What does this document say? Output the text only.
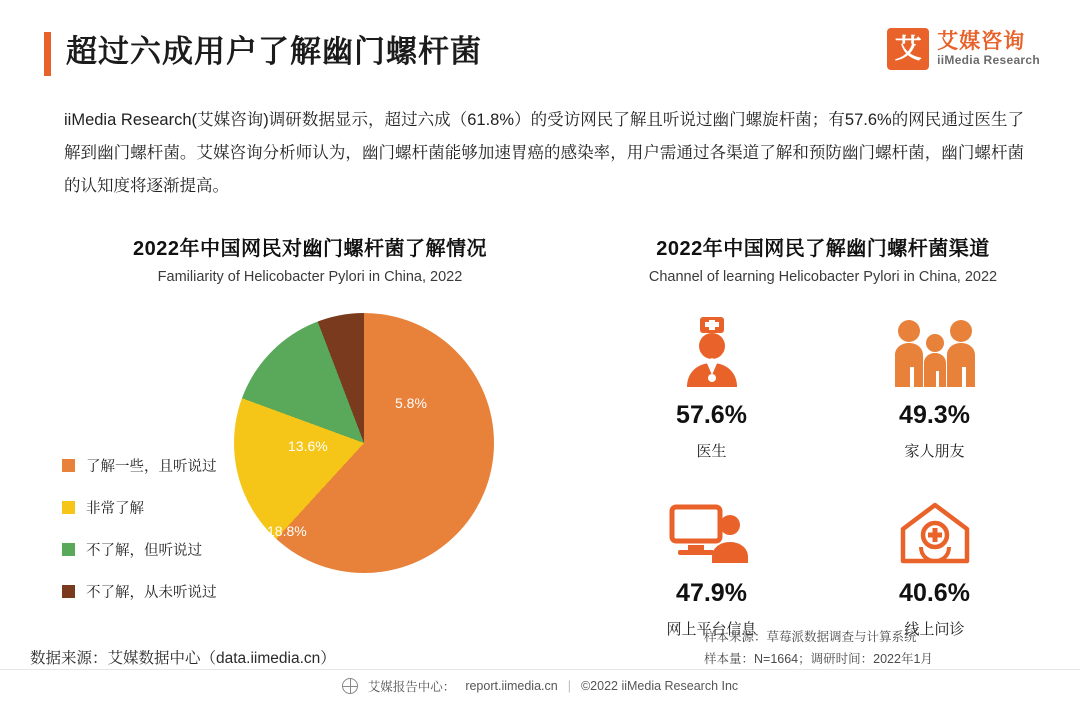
超过六成用户了解幽门螺杆菌	艾 艾媒咨询
iiMedia Research
iiMedia Research(艾媒咨询)调研数据显示，超过六成（61.8%）的受访网民了解且听说过幽门螺旋杆菌；有57.6%的网民通过医生了解到幽门螺杆菌。艾媒咨询分析师认为，幽门螺杆菌能够加速胃癌的感染率，用户需通过各渠道了解和预防幽门螺杆菌，幽门螺杆菌的认知度将逐渐提高。
2022年中国网民对幽门螺杆菌了解情况
Familiarity of Helicobacter Pylori in China, 2022
61.8%
18.8%
13.6%
5.8%
了解一些，且听说过
非常了解
不了解，但听说过
不了解，从未听说过
2022年中国网民了解幽门螺杆菌渠道
Channel of learning Helicobacter Pylori in China, 2022
57.6%
医生
49.3%
家人朋友
47.9%
网上平台信息
40.6%
线上问诊
样本来源：草莓派数据调查与计算系统
样本量：N=1664；调研时间：2022年1月
数据来源：艾媒数据中心（data.iimedia.cn）
艾媒报告中心： report.iimedia.cn | ©2022 iiMedia Research Inc
